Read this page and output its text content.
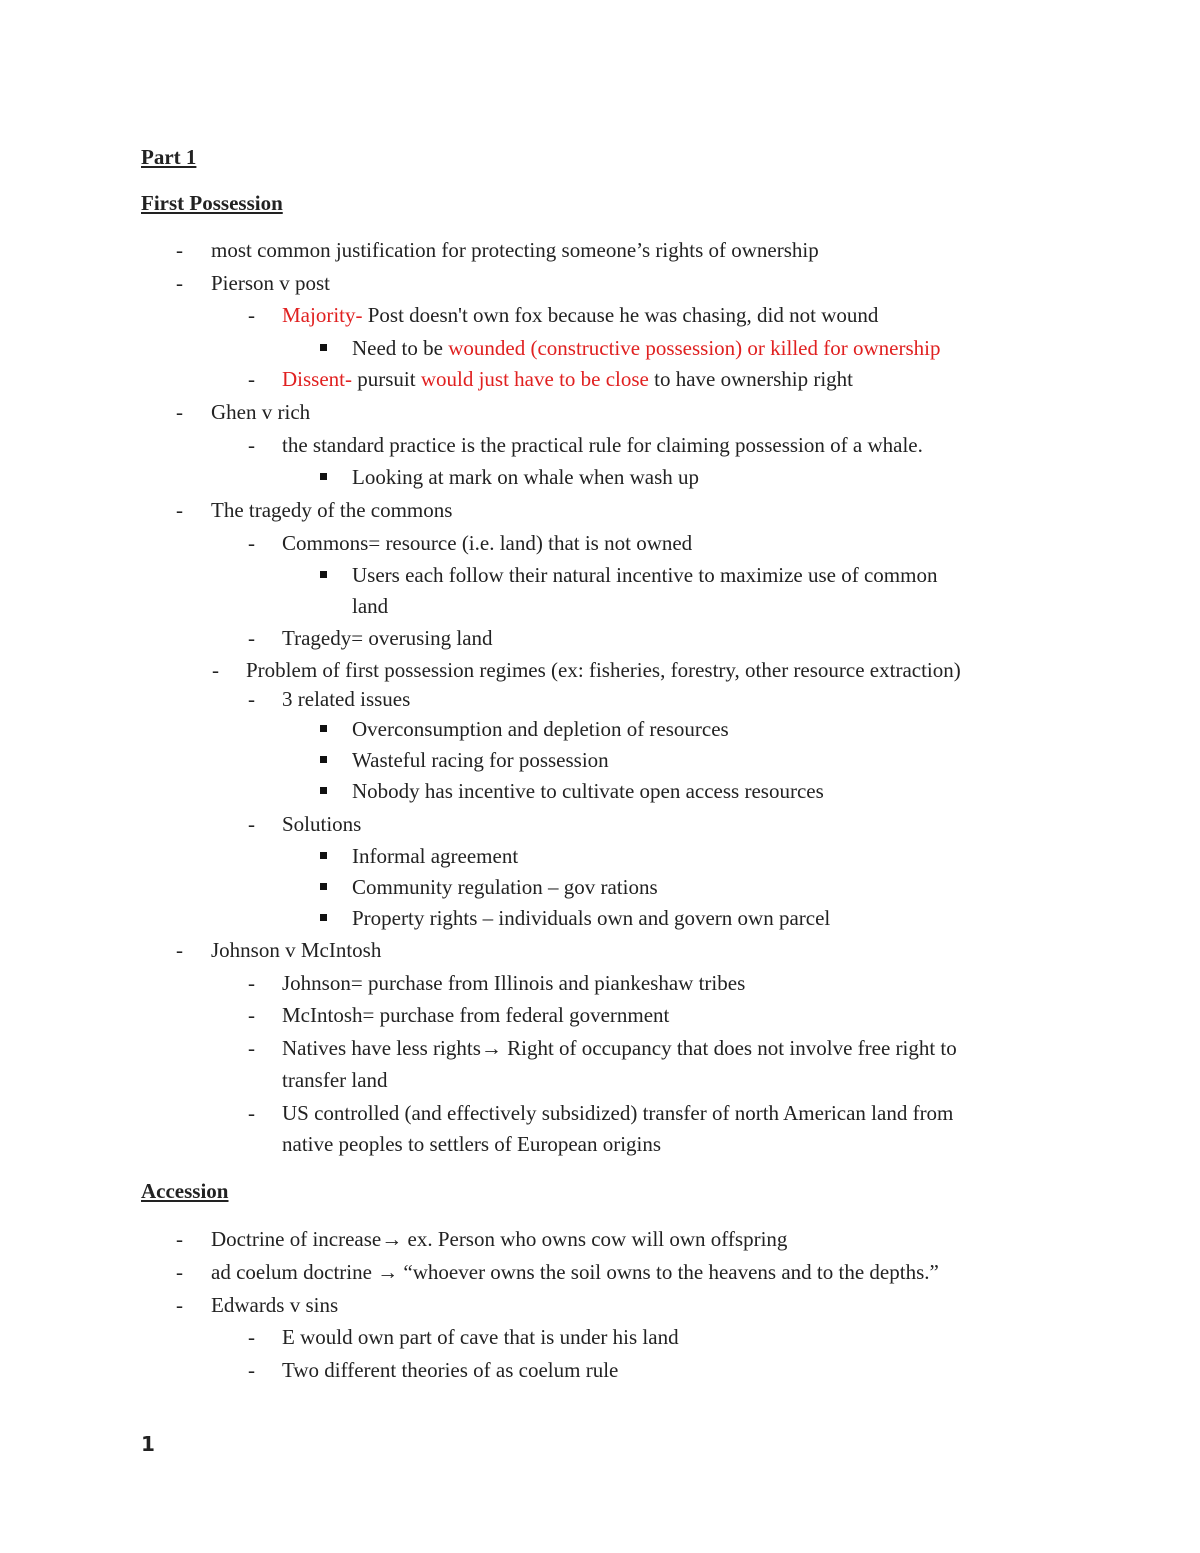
Part 1
First Possession
Accession
- most common justification for protecting someone’s rights of ownership
- Pierson v post
- Majority- Post doesn't own fox because he was chasing, did not wound
Need to be wounded (constructive possession) or killed for ownership
- Dissent- pursuit would just have to be close to have ownership right
- Ghen v rich
- the standard practice is the practical rule for claiming possession of a whale.
Looking at mark on whale when wash up
- The tragedy of the commons
- Commons= resource (i.e. land) that is not owned
Users each follow their natural incentive to maximize use of common
land
- Tragedy= overusing land
- Problem of first possession regimes (ex: fisheries, forestry, other resource extraction)
- 3 related issues
Overconsumption and depletion of resources
Wasteful racing for possession
Nobody has incentive to cultivate open access resources
- Solutions
Informal agreement
Community regulation – gov rations
Property rights – individuals own and govern own parcel
- Johnson v McIntosh
- Johnson= purchase from Illinois and piankeshaw tribes
- McIntosh= purchase from federal government
- Natives have less rights→ Right of occupancy that does not involve free right to
transfer land
- US controlled (and effectively subsidized) transfer of north American land from
native peoples to settlers of European origins
- Doctrine of increase→ ex. Person who owns cow will own offspring
- ad coelum doctrine → “whoever owns the soil owns to the heavens and to the depths.”
- Edwards v sins
- E would own part of cave that is under his land
- Two different theories of as coelum rule
1
